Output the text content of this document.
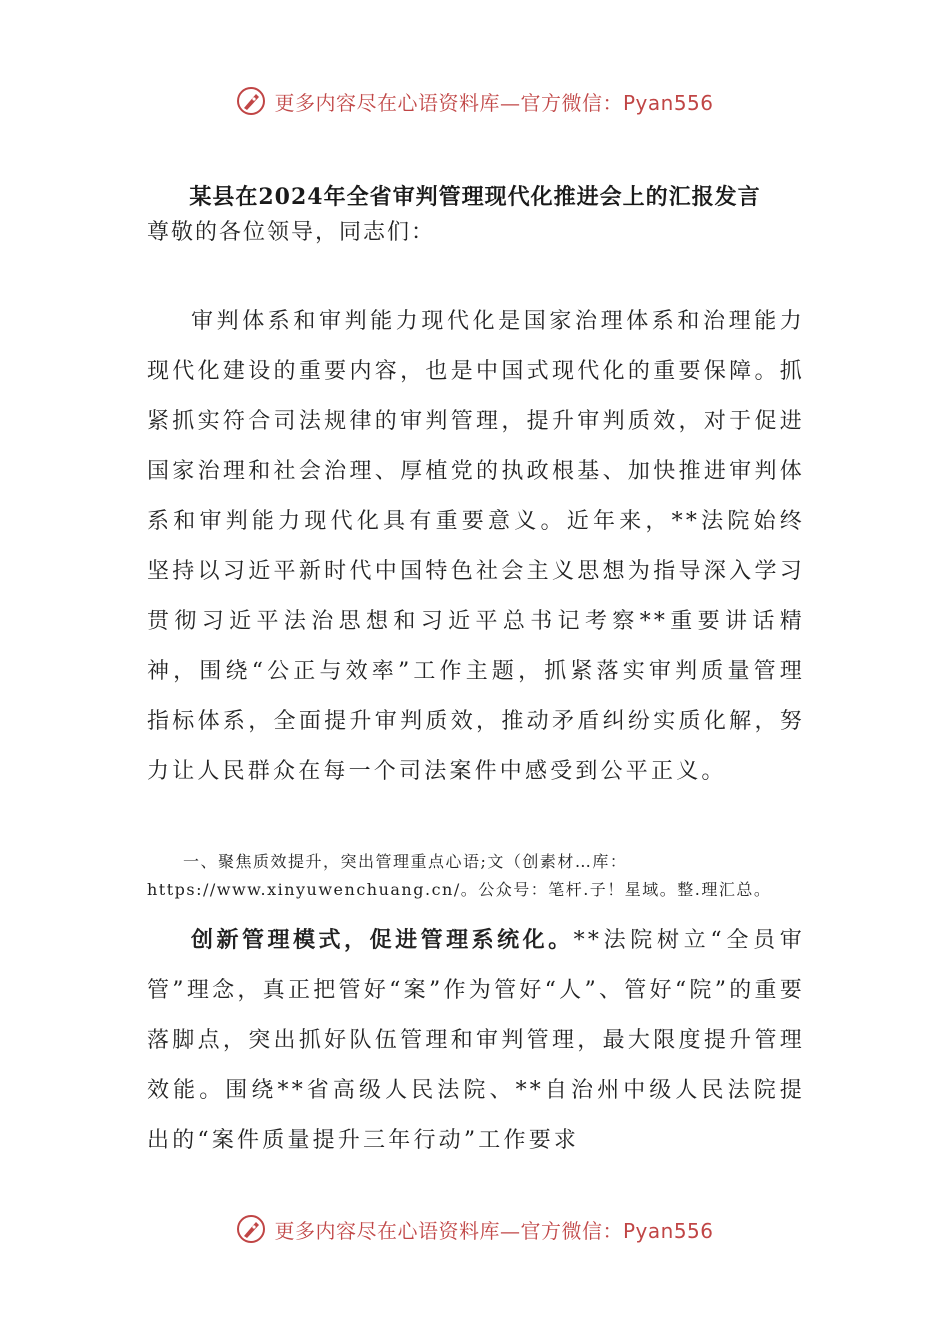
更多内容尽在心语资料库—官方微信：Pyan556
某县在2024年全省审判管理现代化推进会上的汇报发言
尊敬的各位领导，同志们：

审判体系和审判能力现代化是国家治理体系和治理能力现代化建设的重要内容，也是中国式现代化的重要保障。抓紧抓实符合司法规律的审判管理，提升审判质效，对于促进国家治理和社会治理、厚植党的执政根基、加快推进审判体系和审判能力现代化具有重要意义。近年来，**法院始终坚持以习近平新时代中国特色社会主义思想为指导深入学习贯彻习近平法治思想和习近平总书记考察**重要讲话精神，围绕“公正与效率”工作主题，抓紧落实审判质量管理指标体系，全面提升审判质效，推动矛盾纠纷实质化解，努力让人民群众在每一个司法案件中感受到公平正义。

一、聚焦质效提升，突出管理重点心语;文（创素材…库：https://www.xinyuwenchuang.cn/。公众号：笔杆.子！星域。整.理汇总。

创新管理模式，促进管理系统化。**法院树立“全员审管”理念，真正把管好“案”作为管好“人”、管好“院”的重要落脚点，突出抓好队伍管理和审判管理，最大限度提升管理效能。围绕**省高级人民法院、**自治州中级人民法院提出的“案件质量提升三年行动”工作要求

更多内容尽在心语资料库—官方微信：Pyan556
